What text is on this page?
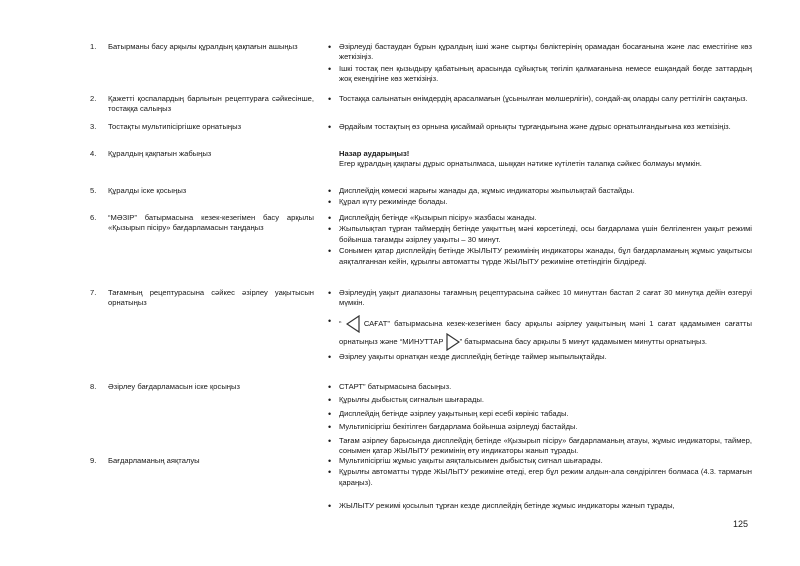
1.	Батырманы басу арқылы құралдың қақпағын ашыңыз	• Әзірлеуді бастаудан бұрын құралдың ішкі және сыртқы бөліктерінің орамадан босағанына және лас еместігіне көз жеткізіңіз.
• Ішкі тостақ пен қызыдыру қабатының арасында сұйықтық төгіліп қалмағанына немесе ешқандай бөгде заттардың жоқ екендігіне көз жеткізіңіз.
2.	Қажетті қоспалардың барлығын рецептураға сәйкесінше, тостаққа салыңыз
• Тостаққа салынатын өнімдердің арасалмағын (ұсынылған мөлшерлігін), сондай-ақ оларды салу реттілігін сақтаңыз.
3.	Тостақты мультипісіргішке орнатыңыз	• Әрдайым тостақтың өз орнына қисаймай орнықты тұрғандығына және дұрыс орнатылғандығына көз жеткізіңіз.
4.	Құралдың қақпағын жабыңыз	Назар аударыңыз!
Егер құралдың қақпағы дұрыс орнатылмаса, шыққан нәтиже күтілетін талапқа сәйкес болмауы мүмкін.
5.	Құралды іске қосыңыз	• Дисплейдің көмескі жарығы жанады да, жұмыс индикаторы жыпылықтай бастайды.
• Құрал күту режимінде болады.
6.	“МӘЗІР” батырмасына кезек-кезегімен басу арқылы «Қызырып пісіру» бағдарламасын таңдаңыз
• Дисплейдің бетінде «Қызырып пісіру» жазбасы жанады.
• Жыпылықтап тұрған таймердің бетінде уақыттың мәні көрсетіледі, осы бағдарлама үшін белгіленген уақыт режимі бойынша тағамды әзірлеу уақыты – 30 минут.
• Сонымен қатар дисплейдің бетінде ЖЫЛЫТУ режимінің индикаторы жанады, бұл бағдарламаның жұмыс уақытысы аяқталғаннан кейін, құрылғы автоматты түрде ЖЫЛЫТУ режиміне өтетіндігін білдіреді.
7.	Тағамның рецептурасына сәйкес әзірлеу уақытысын орнатыңыз
• Әзірлеудің уақыт диапазоны тағамның рецептурасына сәйкес 10 минуттан бастап 2 сағат 30 минутқа дейін өзгеруі мүмкін.
• “	САҒАТ” батырмасына кезек-кезегімен басу арқылы әзірлеу уақытының мәні 1 сағат қадамымен сағатты орнатыңыз және “МИНУТТАР ” батырмасына басу арқылы 5 минут қадамымен минутты орнатыңыз.
• Әзірлеу уақыты орнатқан кезде дисплейдің бетінде таймер жыпылықтайды.
8.	Әзірлеу бағдарламасын іске қосыңыз	• СТАРТ” батырмасына басыңыз.
• Құрылғы дыбыстық сигналын шығарады.
• Дисплейдің бетінде әзірлеу уақытының кері есебі көрініс табады.
• Мультипісіргіш бекітілген бағдарлама бойынша әзірлеуді бастайды.
• Тағам әзірлеу барысында дисплейдің бетінде «Қызырып пісіру» бағдарламаның атауы, жұмыс индикаторы, таймер, сонымен қатар ЖЫЛЫТУ режимінің өту индикаторы жанып тұрады.
9.	Бағдарламаның аяқталуы	• Мультипісіргіш жұмыс уақыты аяқталысымен дыбыстық сигнал шығарады.
• Құрылғы автоматты түрде ЖЫЛЫТУ режиміне өтеді, егер бұл режим алдын-ала сөндірілген болмаса (4.3. тармағын қараңыз).
• ЖЫЛЫТУ режимі қосылып тұрған кезде дисплейдің бетінде жұмыс индикаторы жанып тұрады,
125
